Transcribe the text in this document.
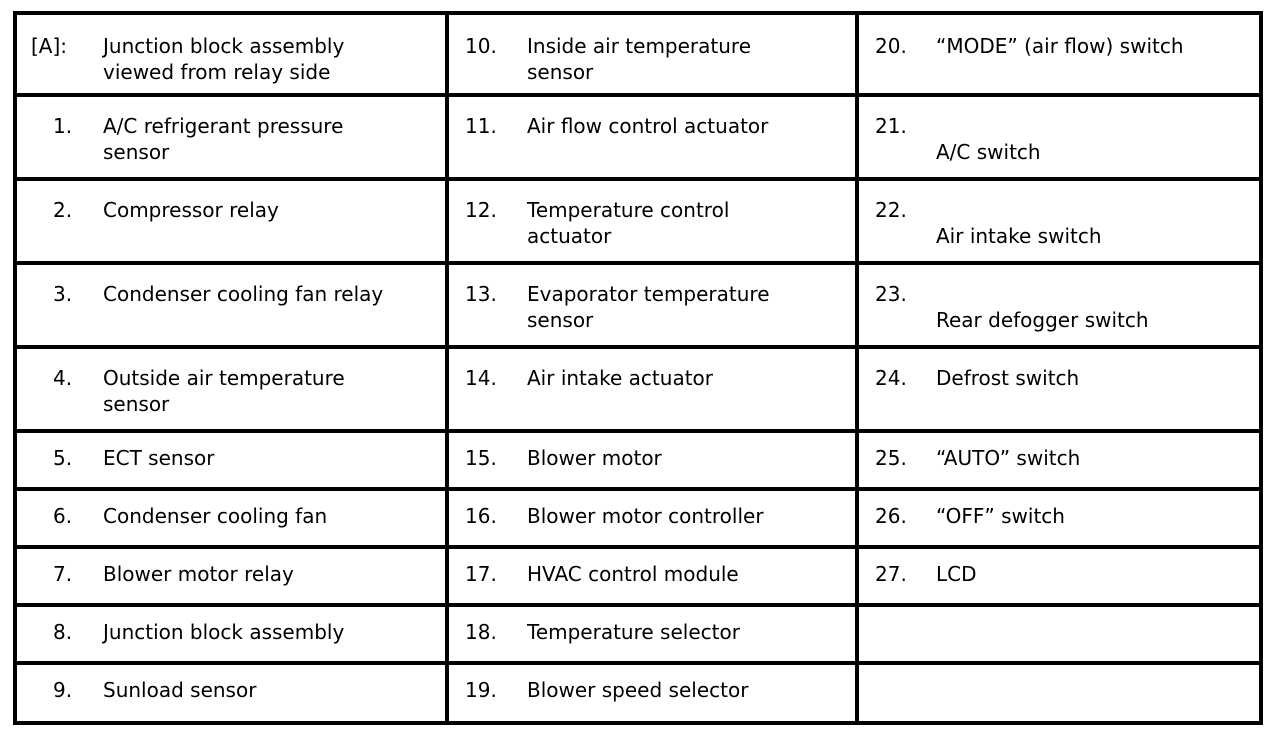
[A]: Junction block assembly
viewed from relay side
1. A/C refrigerant pressure
sensor
2. Compressor relay
3. Condenser cooling fan relay
4. Outside air temperature
sensor
5. ECT sensor
6. Condenser cooling fan
7. Blower motor relay
8. Junction block assembly
9. Sunload sensor
10. Inside air temperature
sensor
11. Air flow control actuator
12. Temperature control
actuator
13. Evaporator temperature
sensor
14. Air intake actuator
15. Blower motor
16. Blower motor controller
17. HVAC control module
18. Temperature selector
19. Blower speed selector
20. “MODE” (air flow) switch
21.
A/C switch
22.
Air intake switch
23.
Rear defogger switch
24. Defrost switch
25. “AUTO” switch
26. “OFF” switch
27. LCD
